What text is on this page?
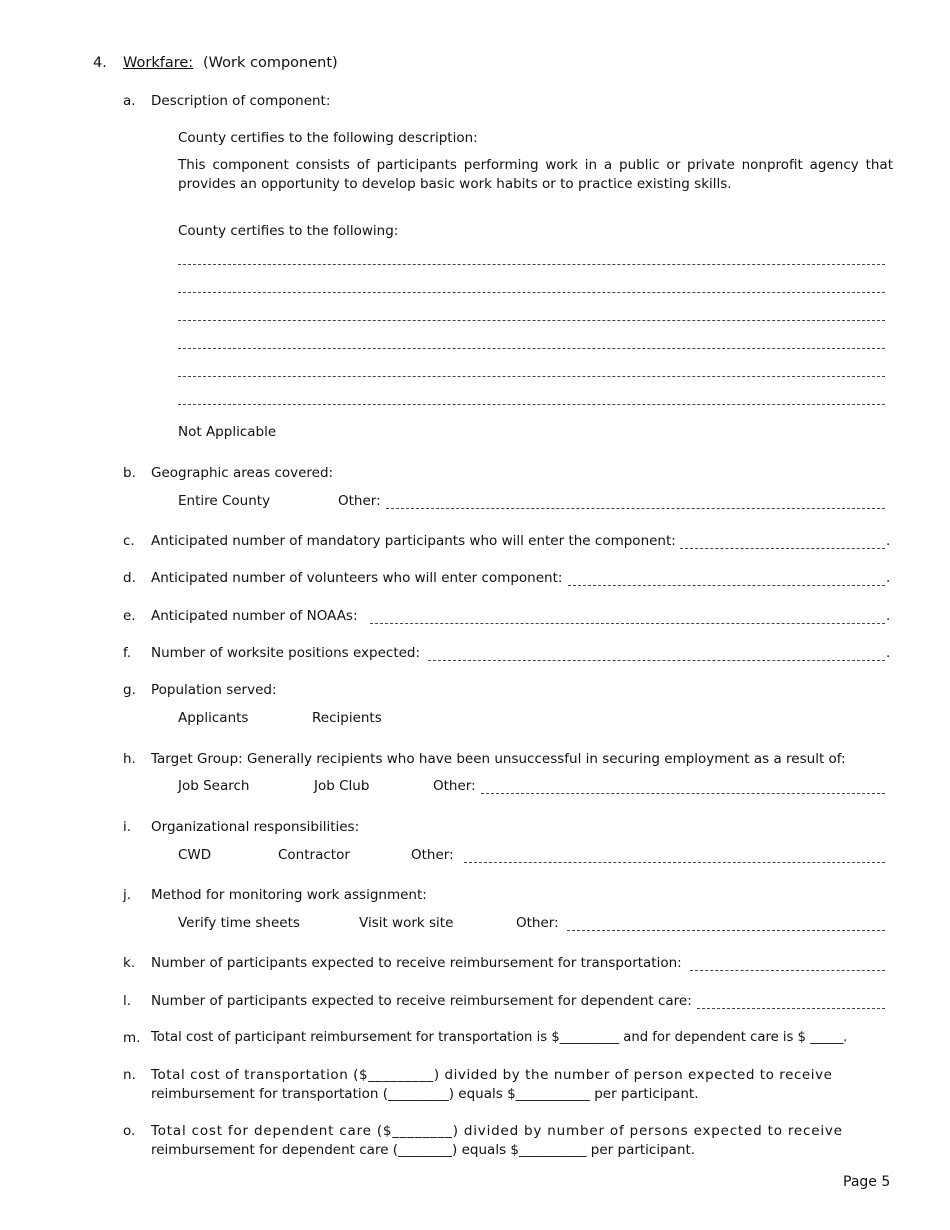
4. Workfare: (Work component)
a. Description of component:
County certifies to the following description:
This component consists of participants performing work in a public or private nonprofit agency that provides an opportunity to develop basic work habits or to practice existing skills.
County certifies to the following:
Not Applicable
b. Geographic areas covered:
Entire County	Other:
c. Anticipated number of mandatory participants who will enter the component:	.
d. Anticipated number of volunteers who will enter component:	.
e. Anticipated number of NOAAs:	.
f. Number of worksite positions expected:	.
g. Population served:
Applicants	Recipients
h. Target Group: Generally recipients who have been unsuccessful in securing employment as a result of:
Job Search	Job Club	Other:
i. Organizational responsibilities:
CWD	Contractor	Other:
j. Method for monitoring work assignment:
Verify time sheets	Visit work site	Other:
k. Number of participants expected to receive reimbursement for transportation:
l. Number of participants expected to receive reimbursement for dependent care:
m. Total cost of participant reimbursement for transportation is $_________ and for dependent care is $ _____.
n. Total cost of transportation ($_________) divided by the number of person expected to receive
reimbursement for transportation (_________) equals $___________ per participant.
o. Total cost for dependent care ($________) divided by number of persons expected to receive
reimbursement for dependent care (________) equals $__________ per participant.
Page 5
